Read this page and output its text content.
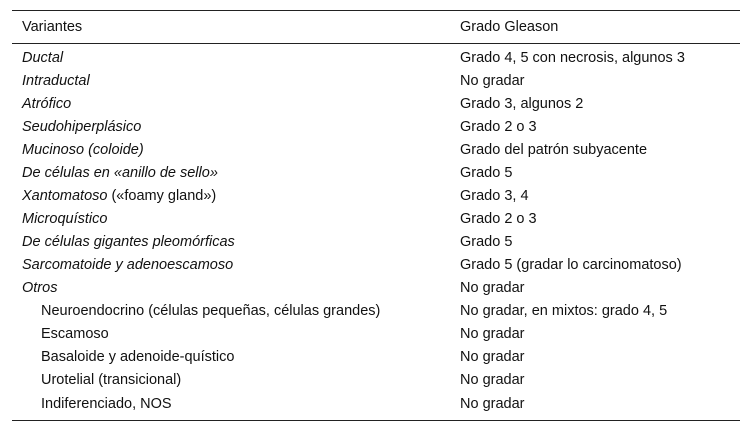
Variantes	Grado Gleason
Ductal	Grado 4, 5 con necrosis, algunos 3
Intraductal	No gradar
Atrófico	Grado 3, algunos 2
Seudohiperplásico	Grado 2 o 3
Mucinoso (coloide)	Grado del patrón subyacente
De células en «anillo de sello»	Grado 5
Xantomatoso («foamy gland»)	Grado 3, 4
Microquístico	Grado 2 o 3
De células gigantes pleomórficas	Grado 5
Sarcomatoide y adenoescamoso	Grado 5 (gradar lo carcinomatoso)
Otros	No gradar
Neuroendocrino (células pequeñas, células grandes)	No gradar, en mixtos: grado 4, 5
Escamoso	No gradar
Basaloide y adenoide-quístico	No gradar
Urotelial (transicional)	No gradar
Indiferenciado, NOS	No gradar
